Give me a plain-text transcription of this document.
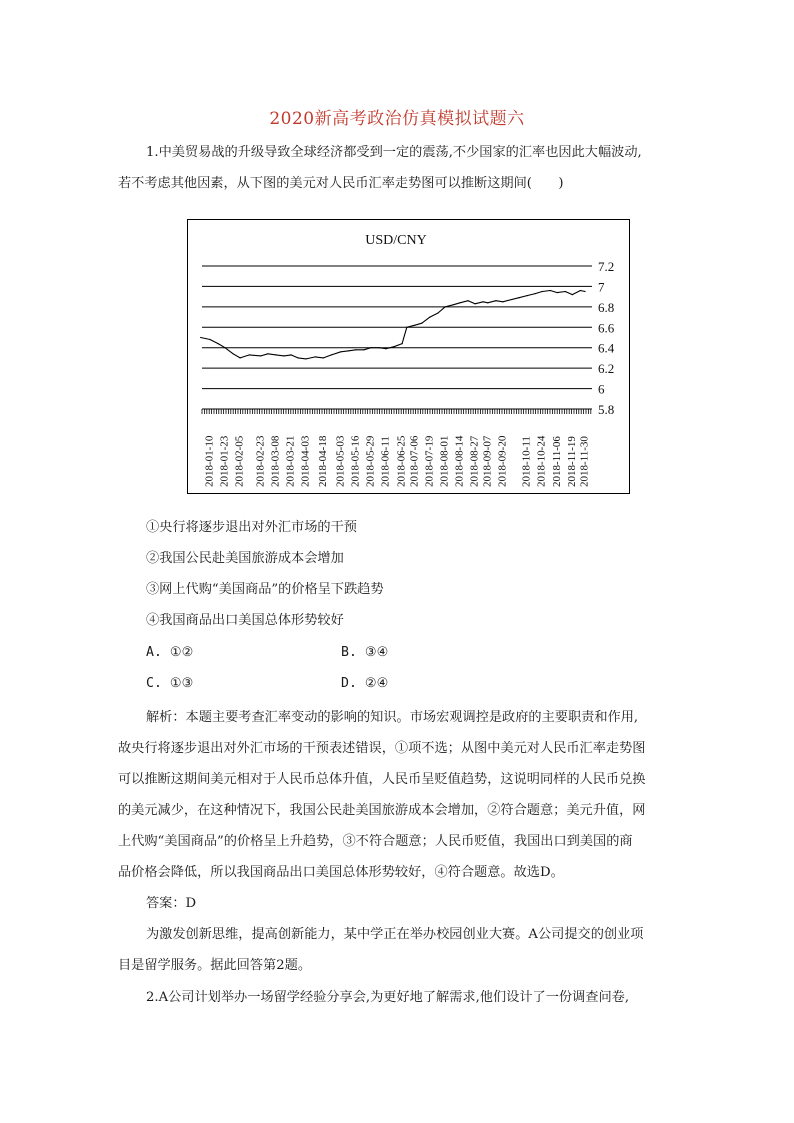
2020新高考政治仿真模拟试题六
1.中美贸易战的升级导致全球经济都受到一定的震荡,不少国家的汇率也因此大幅波动,
若不考虑其他因素，从下图的美元对人民币汇率走势图可以推断这期间(　　)
USD/CNY
7.2
7
6.8
6.6
6.4
6.2
6
5.8
2018-01-10 2018-01-23 2018-02-05 2018-02-23 2018-03-08 2018-03-21 2018-04-03 2018-04-18 2018-05-03 2018-05-16 2018-05-29 2018-06-11 2018-06-25 2018-07-06 2018-07-19 2018-08-01 2018-08-14 2018-08-27 2018-09-07 2018-09-20 2018-10-11 2018-10-24 2018-11-06 2018-11-19 2018-11-30
①央行将逐步退出对外汇市场的干预
②我国公民赴美国旅游成本会增加
③网上代购“美国商品”的价格呈下跌趋势
④我国商品出口美国总体形势较好
A. ①②	B. ③④
C. ①③	D. ②④
解析：本题主要考查汇率变动的影响的知识。市场宏观调控是政府的主要职责和作用,
故央行将逐步退出对外汇市场的干预表述错误，①项不选；从图中美元对人民币汇率走势图
可以推断这期间美元相对于人民币总体升值，人民币呈贬值趋势，这说明同样的人民币兑换
的美元减少，在这种情况下，我国公民赴美国旅游成本会增加，②符合题意；美元升值，网
上代购“美国商品”的价格呈上升趋势，③不符合题意；人民币贬值，我国出口到美国的商
品价格会降低，所以我国商品出口美国总体形势较好，④符合题意。故选D。
答案：D
为激发创新思维，提高创新能力，某中学正在举办校园创业大赛。A公司提交的创业项
目是留学服务。据此回答第2题。
2.A公司计划举办一场留学经验分享会,为更好地了解需求,他们设计了一份调查问卷,
